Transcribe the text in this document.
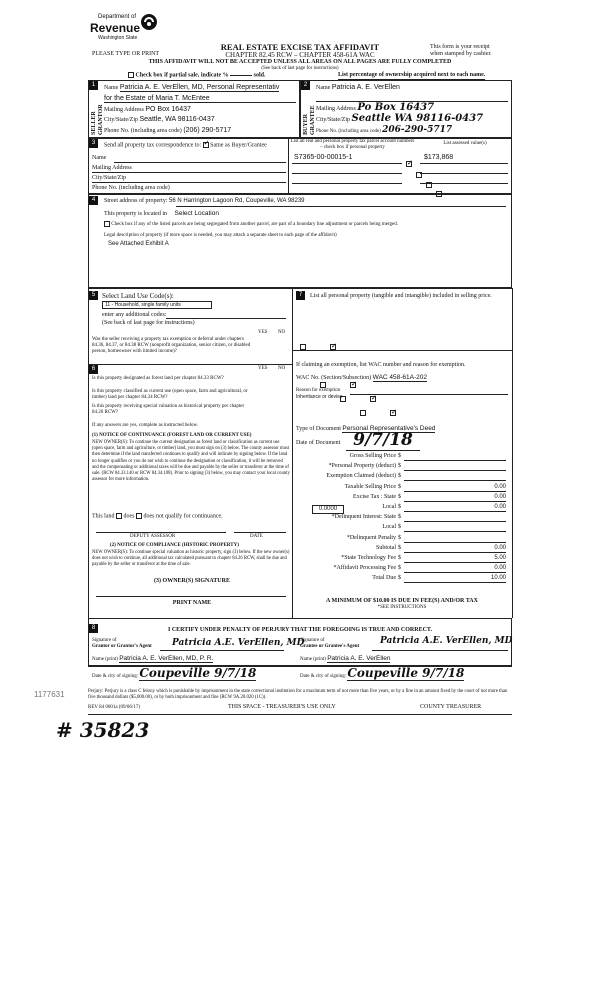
Department of
Revenue
Washington State
PLEASE TYPE OR PRINT
REAL ESTATE EXCISE TAX AFFIDAVIT
CHAPTER 82.45 RCW – CHAPTER 458-61A WAC
THIS AFFIDAVIT WILL NOT BE ACCEPTED UNLESS ALL AREAS ON ALL PAGES ARE FULLY COMPLETED
(See back of last page for instructions)
This form is your receipt
when stamped by cashier.
Check box if partial sale, indicate %	sold.	List percentage of ownership acquired next to each name.
1	2
SELLER GRANTOR	BUYER GRANTEE
Name Patricia A. E. VerEllen, MD, Personal Representativ
for the Estate of Maria T. McEntee
Mailing Address PO Box 16437
City/State/Zip Seattle, WA 98116-0437
Phone No. (including area code) (206) 290-5717
Name Patricia A. E. VerEllen
Mailing Address Po Box 16437
City/State/Zip Seattle WA 98116-0437
Phone No. (including area code) 206-290-5717
3	Send all property tax correspondence to: ✓ Same as Buyer/Grantee
Name
Mailing Address
City/State/Zip
Phone No. (including area code)
List all real and personal property tax parcel account numbers – check box if personal property
List assessed value(s)
S7365-00-00015-1
✓	$173,868

4	Street address of property: 56 N Harrington Lagoon Rd, Coupeville, WA 98239
This property is located in Select Location
Check box if any of the listed parcels are being segregated from another parcel, are part of a boundary line adjustment or parcels being merged.
Legal description of property (if more space is needed, you may attach a separate sheet to each page of the affidavit)
See Attached Exhibit A
5 Select Land Use Code(s):
11 - Household, single family units
enter any additional codes:
(See back of last page for instructions)
YES NO
Was the seller receiving a property tax exemption or deferral under chapters 84.36, 84.37, or 84.38 RCW (nonprofit organization, senior citizen, or disabled person, homeowner with limited income)?
✓
6	YES NO
Is this property designated as forest land per chapter 84.33 RCW?
✓
Is this property classified as current use (open space, farm and agricultural, or timber) land per chapter 84.34 RCW?
✓
Is this property receiving special valuation as historical property per chapter 84.26 RCW?
✓
If any answers are yes, complete as instructed below.
(1) NOTICE OF CONTINUANCE (FOREST LAND OR CURRENT USE)
NEW OWNER(S): To continue the current designation as forest land or classification as current use (open space, farm and agriculture, or timber) land, you must sign on (3) below. The county assessor must then determine if the land transferred continues to qualify and will indicate by signing below. If the land no longer qualifies or you do not wish to continue the designation or classification, it will be removed and the compensating or additional taxes will be due and payable by the seller or transferor at the time of sale. (RCW 84.33.140 or RCW 84.34.108). Prior to signing (3) below, you may contact your local county assessor for more information.
This land does does not qualify for continuance.
DEPUTY ASSESSOR	DATE
(2) NOTICE OF COMPLIANCE (HISTORIC PROPERTY)
NEW OWNER(S): To continue special valuation as historic property, sign (3) below. If the new owner(s) does not wish to continue, all additional tax calculated pursuant to chapter 84.26 RCW, shall be due and payable by the seller or transferor at the time of sale.
(3) OWNER(S) SIGNATURE
PRINT NAME
7	List all personal property (tangible and intangible) included in selling price.
If claiming an exemption, list WAC number and reason for exemption.
WAC No. (Section/Subsection) WAC 458-61A-202
Reason for exemption
Inheritance or devise
Type of Document Personal Representative's Deed
Date of Document 9/7/18
Gross Selling Price $
*Personal Property (deduct) $
Exemption Claimed (deduct) $
Taxable Selling Price $	0.00
Excise Tax : State $	0.00
Local $	0.00
*Delinquent Interest: State $
Local $
*Delinquent Penalty $
Subtotal $	0.00
*State Technology Fee $	5.00
*Affidavit Processing Fee $	0.00
Total Due $	10.00
0.0000
A MINIMUM OF $10.00 IS DUE IN FEE(S) AND/OR TAX
*SEE INSTRUCTIONS
8	I CERTIFY UNDER PENALTY OF PERJURY THAT THE FOREGOING IS TRUE AND CORRECT.
Signature of
Grantor or Grantor's Agent Patricia A.E. VerEllen, MD
Signature of
Grantee or Grantee's Agent
Patricia A.E. VerEllen, MD
Name (print) Patricia A. E. VerEllen, MD, P. R.	Name (print) Patricia A. E. VerEllen
Date & city of signing: Coupeville 9/7/18	Date & city of signing: Coupeville 9/7/18
Perjury: Perjury is a class C felony which is punishable by imprisonment in the state correctional institution for a maximum term of not more than five years, or by a fine in an amount fixed by the court of not more than five thousand dollars ($5,000.00), or by both imprisonment and fine (RCW 9A.20.020 (1C)).
1177631
REV 84 0001a (09/06/17)	THIS SPACE - TREASURER'S USE ONLY	COUNTY TREASURER
# 35823
